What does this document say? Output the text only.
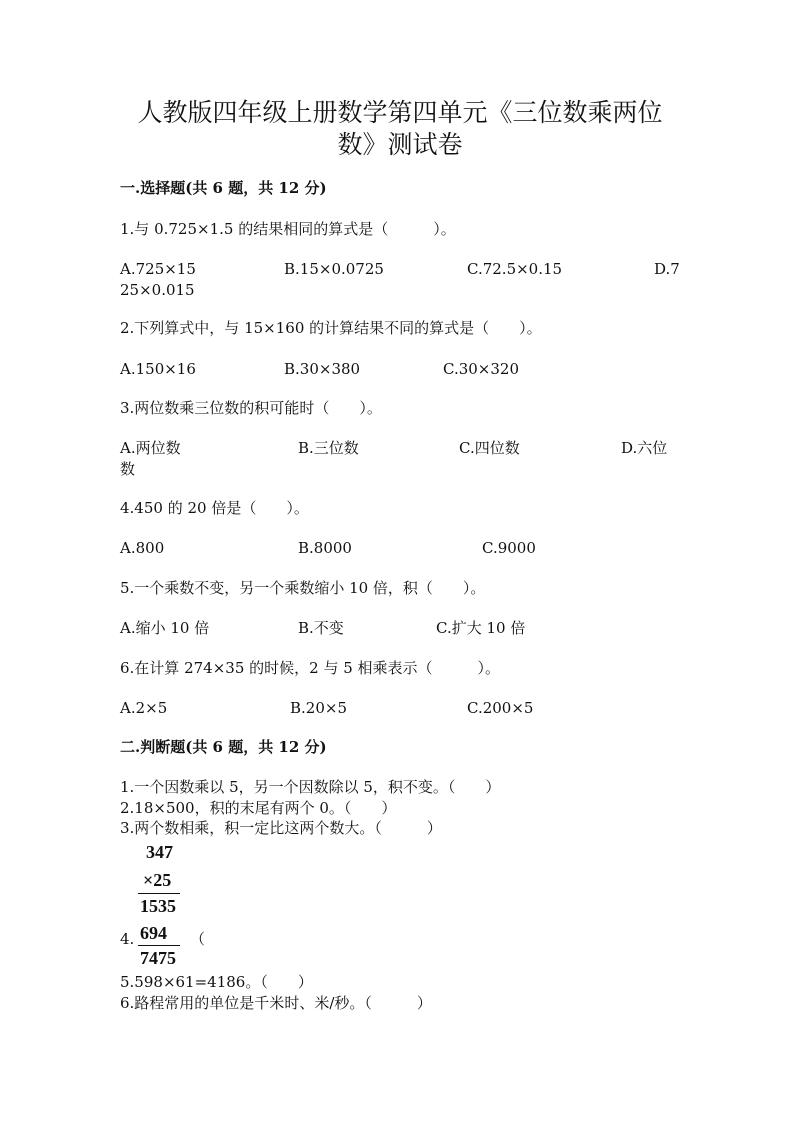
人教版四年级上册数学第四单元《三位数乘两位
数》测试卷
一.选择题(共 6 题，共 12 分)
1.与 0.725×1.5 的结果相同的算式是（　　　）。
A.725×15	B.15×0.0725	C.72.5×0.15	D.7
25×0.015
2.下列算式中，与 15×160 的计算结果不同的算式是（　　）。
A.150×16	B.30×380	C.30×320
3.两位数乘三位数的积可能时（　　）。
A.两位数	B.三位数	C.四位数	D.六位
数
4.450 的 20 倍是（　　）。
A.800	B.8000	C.9000
5.一个乘数不变，另一个乘数缩小 10 倍，积（　　）。
A.缩小 10 倍	B.不变	C.扩大 10 倍
6.在计算 274×35 的时候，2 与 5 相乘表示（　　　）。
A.2×5	B.20×5	C.200×5
二.判断题(共 6 题，共 12 分)
1.一个因数乘以 5，另一个因数除以 5，积不变。（　　）
2.18×500，积的末尾有两个 0。（　　）
3.两个数相乘，积一定比这两个数大。（　　　）
347
×25
1535
694
7475
4.	（
5.598×61=4186。（　　）
6.路程常用的单位是千米时、米/秒。（　　　）
